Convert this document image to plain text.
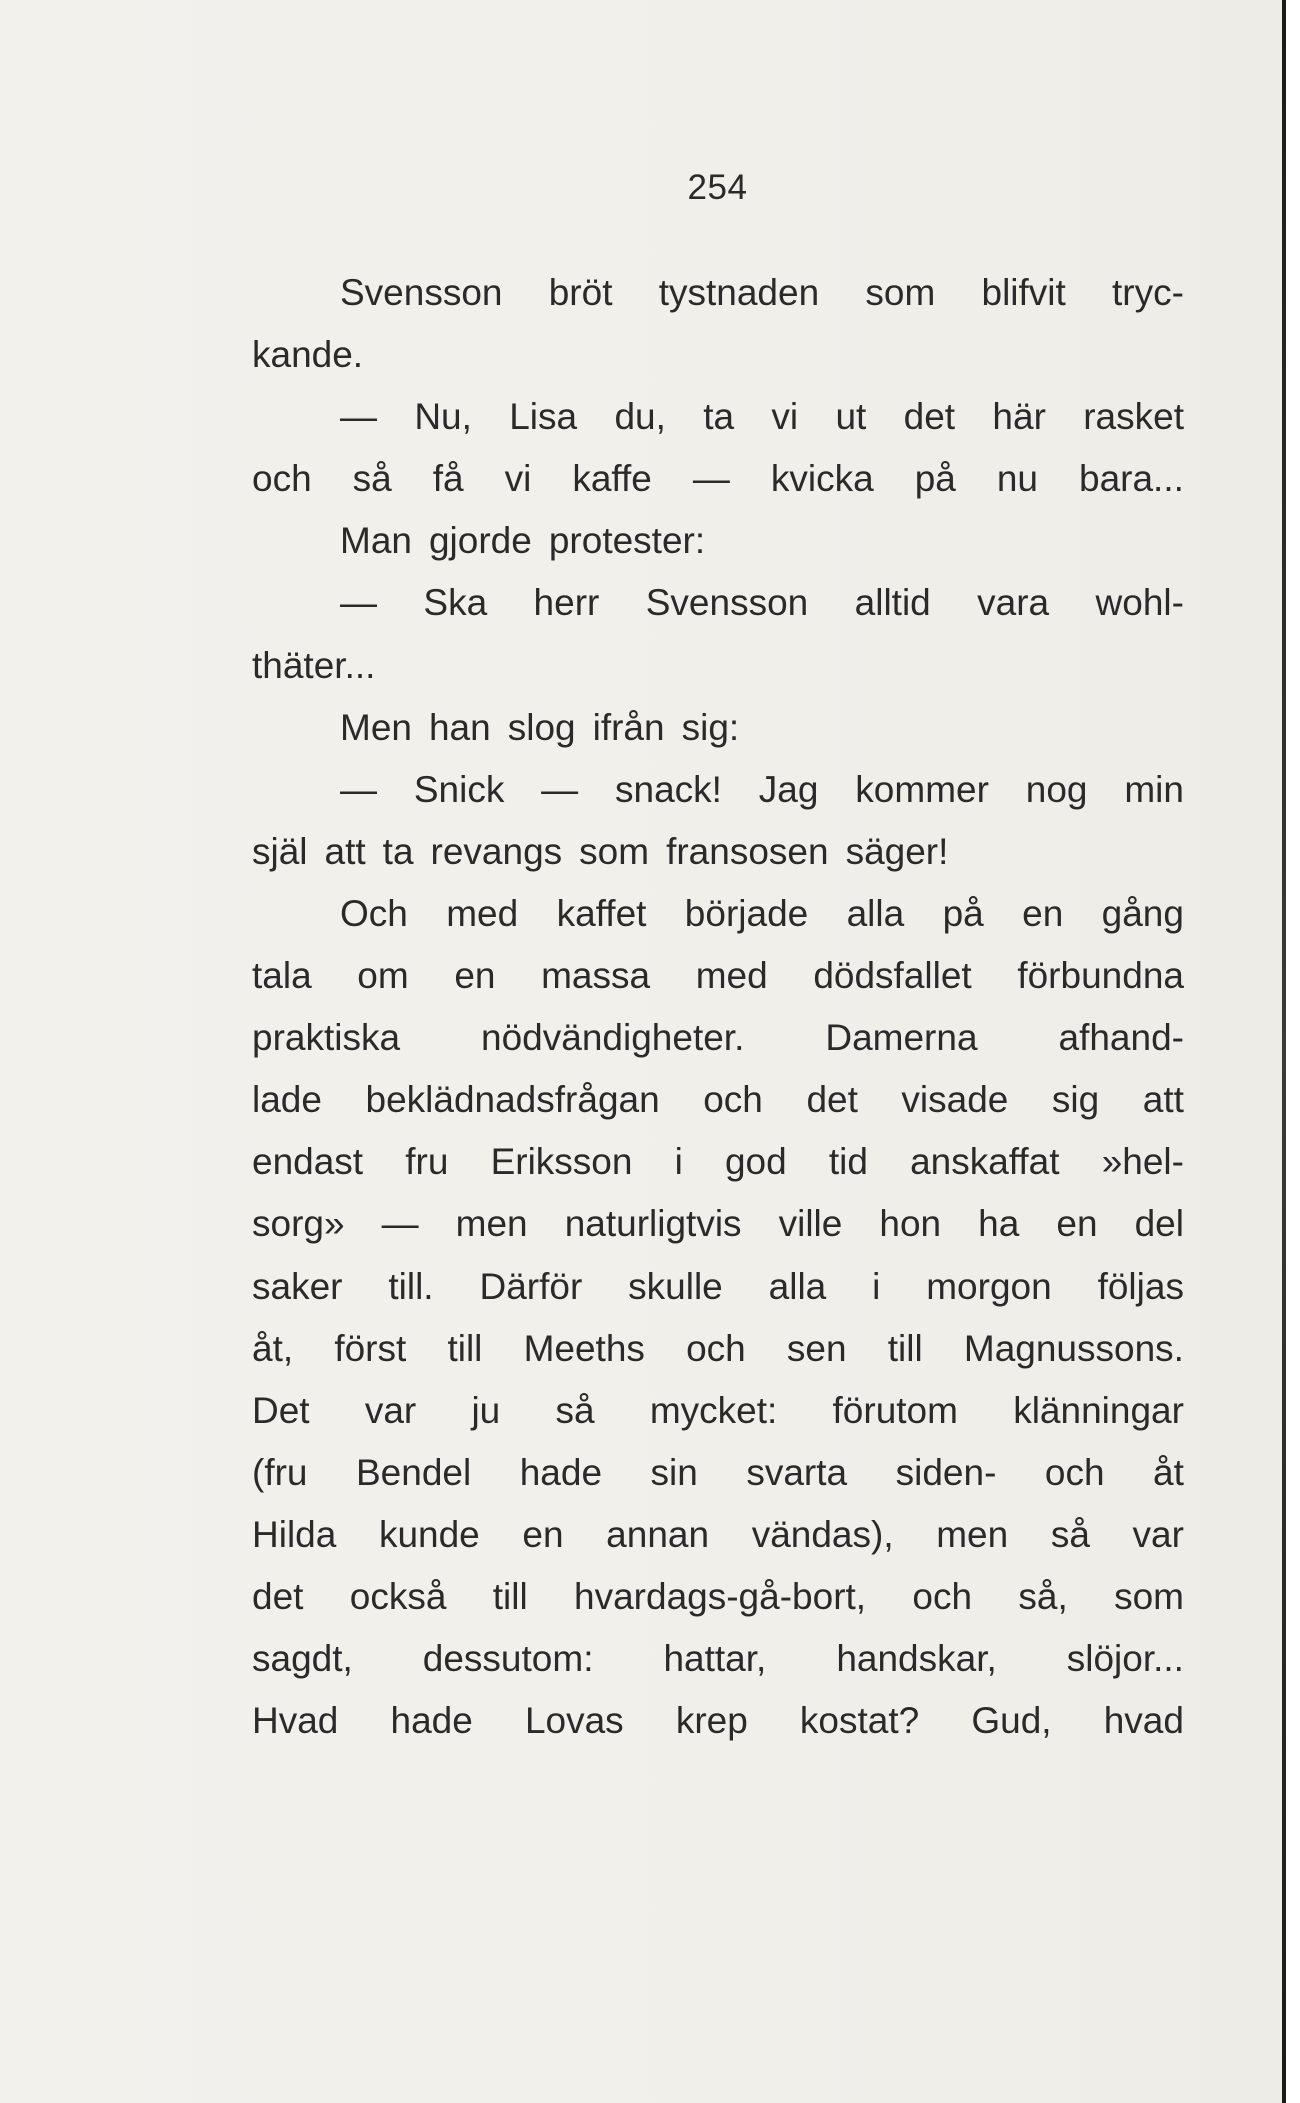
254
Svensson bröt tystnaden som blifvit tryc-
kande.
— Nu, Lisa du, ta vi ut det här rasket
och så få vi kaffe — kvicka på nu bara...
Man gjorde protester:
— Ska herr Svensson alltid vara wohl-
thäter...
Men han slog ifrån sig:
— Snick — snack! Jag kommer nog min
själ att ta revangs som fransosen säger!
Och med kaffet började alla på en gång
tala om en massa med dödsfallet förbundna
praktiska nödvändigheter. Damerna afhand-
lade beklädnadsfrågan och det visade sig att
endast fru Eriksson i god tid anskaffat »hel-
sorg» — men naturligtvis ville hon ha en del
saker till. Därför skulle alla i morgon följas
åt, först till Meeths och sen till Magnussons.
Det var ju så mycket: förutom klänningar
(fru Bendel hade sin svarta siden- och åt
Hilda kunde en annan vändas), men så var
det också till hvardags-gå-bort, och så, som
sagdt, dessutom: hattar, handskar, slöjor...
Hvad hade Lovas krep kostat? Gud, hvad
